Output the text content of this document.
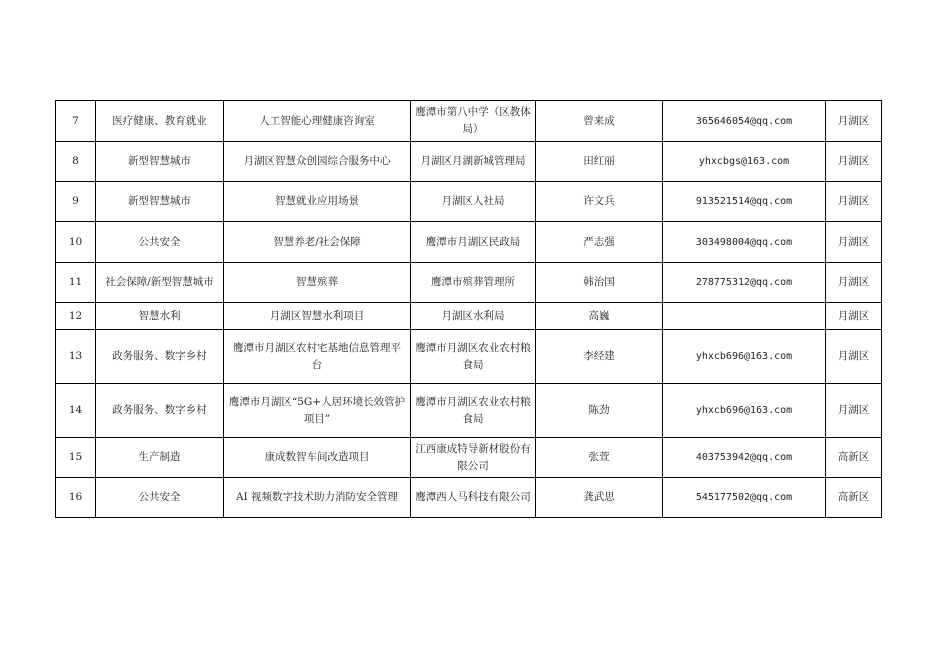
7	医疗健康、教育就业	人工智能心理健康咨询室	鹰潭市第八中学（区教体局）	曾来成	365646054@qq.com	月湖区
8	新型智慧城市	月湖区智慧众创园综合服务中心	月湖区月湖新城管理局	田红丽	yhxcbgs@163.com	月湖区
9	新型智慧城市	智慧就业应用场景	月湖区人社局	许文兵	913521514@qq.com	月湖区
10	公共安全	智慧养老/社会保障	鹰潭市月湖区民政局	严志强	303498004@qq.com	月湖区
11	社会保障/新型智慧城市	智慧殡葬	鹰潭市殡葬管理所	韩治国	278775312@qq.com	月湖区
12	智慧水利	月湖区智慧水利项目	月湖区水利局	高巍		月湖区
13	政务服务、数字乡村	鹰潭市月湖区农村宅基地信息管理平台	鹰潭市月湖区农业农村粮食局	李经建	yhxcb696@163.com	月湖区
14	政务服务、数字乡村	鹰潭市月湖区“5G+人居环境长效管护项目”	鹰潭市月湖区农业农村粮食局	陈劲	yhxcb696@163.com	月湖区
15	生产制造	康成数智车间改造项目	江西康成特导新材股份有限公司	张萱	403753942@qq.com	高新区
16	公共安全	AI 视频数字技术助力消防安全管理	鹰潭西人马科技有限公司	龚武思	545177502@qq.com	高新区
